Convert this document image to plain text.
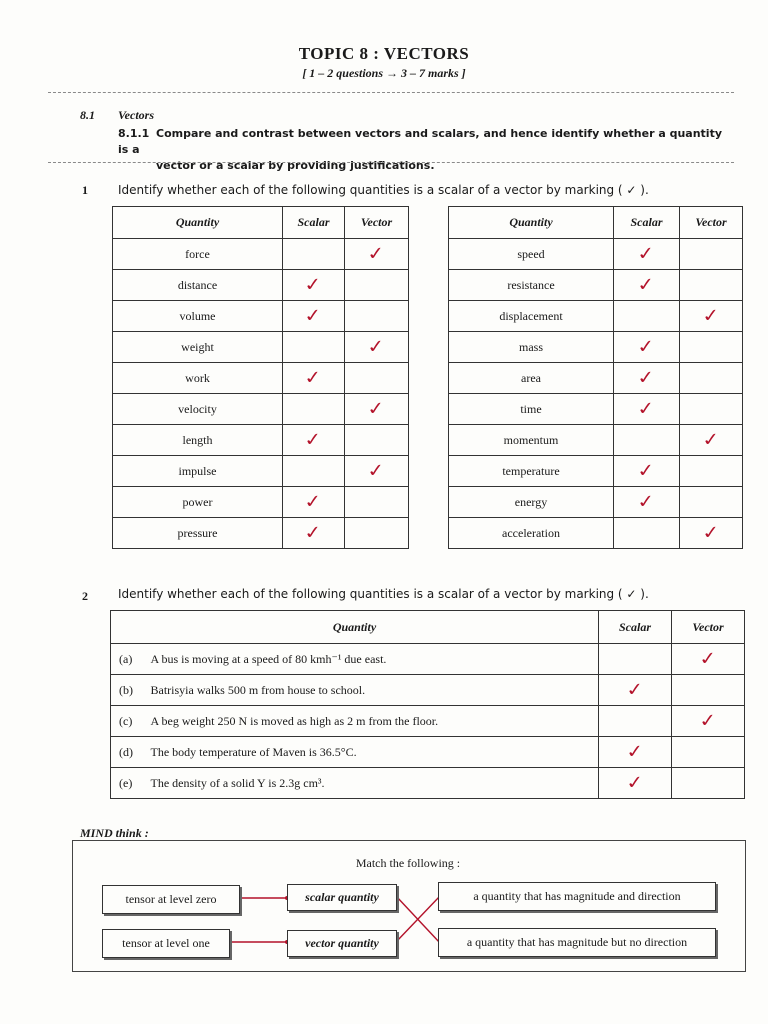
TOPIC 8 : VECTORS
[ 1 – 2 questions → 3 – 7 marks ]
8.1 Vectors
8.1.1 Compare and contrast between vectors and scalars, and hence identify whether a quantity is a
vector or a scalar by providing justifications.
1	Identify whether each of the following quantities is a scalar of a vector by marking ( ✓ ).
Quantity	Scalar	Vector
force		✓
distance	✓	
volume	✓	
weight		✓
work	✓	
velocity		✓
length	✓	
impulse		✓
power	✓	
pressure	✓	
Quantity	Scalar	Vector
speed	✓	
resistance	✓	
displacement		✓
mass	✓	
area	✓	
time	✓	
momentum		✓
temperature	✓	
energy	✓	
acceleration		✓
2	Identify whether each of the following quantities is a scalar of a vector by marking ( ✓ ).
Quantity		Scalar	Vector
(a)	A bus is moving at a speed of 80 kmh⁻¹ due east.		✓
(b)	Batrisyia walks 500 m from house to school.	✓	
(c)	A beg weight 250 N is moved as high as 2 m from the floor.		✓
(d)	The body temperature of Maven is 36.5°C.	✓	
(e)	The density of a solid Y is 2.3g cm³.	✓	
MIND think :
Match the following :
tensor at level zero
tensor at level one
scalar quantity
vector quantity
a quantity that has magnitude and direction
a quantity that has magnitude but no direction
